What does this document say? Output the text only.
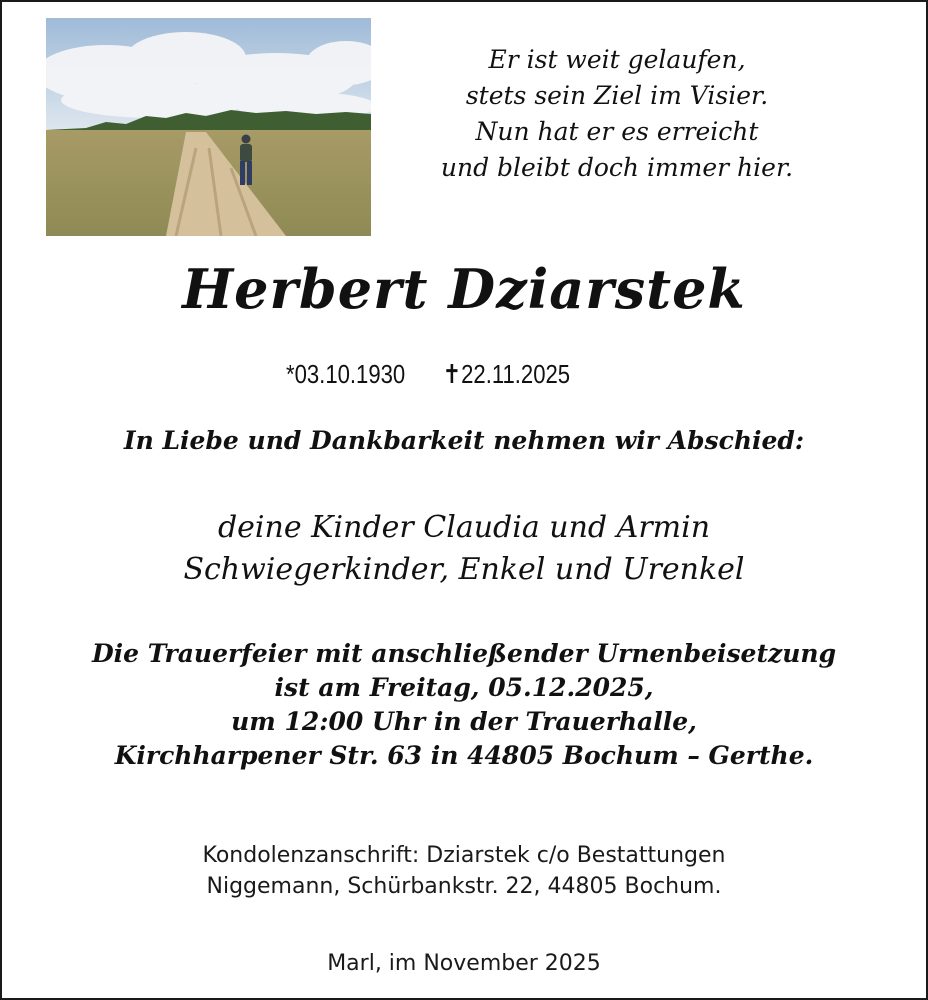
Er ist weit gelaufen,
stets sein Ziel im Visier.
Nun hat er es erreicht
und bleibt doch immer hier.
Herbert Dziarstek
*03.10.1930 ✝22.11.2025
In Liebe und Dankbarkeit nehmen wir Abschied:
deine Kinder Claudia und Armin
Schwiegerkinder, Enkel und Urenkel
Die Trauerfeier mit anschließender Urnenbeisetzung
ist am Freitag, 05.12.2025,
um 12:00 Uhr in der Trauerhalle,
Kirchharpener Str. 63 in 44805 Bochum – Gerthe.
Kondolenzanschrift: Dziarstek c/o Bestattungen
Niggemann, Schürbankstr. 22, 44805 Bochum.
Marl, im November 2025
